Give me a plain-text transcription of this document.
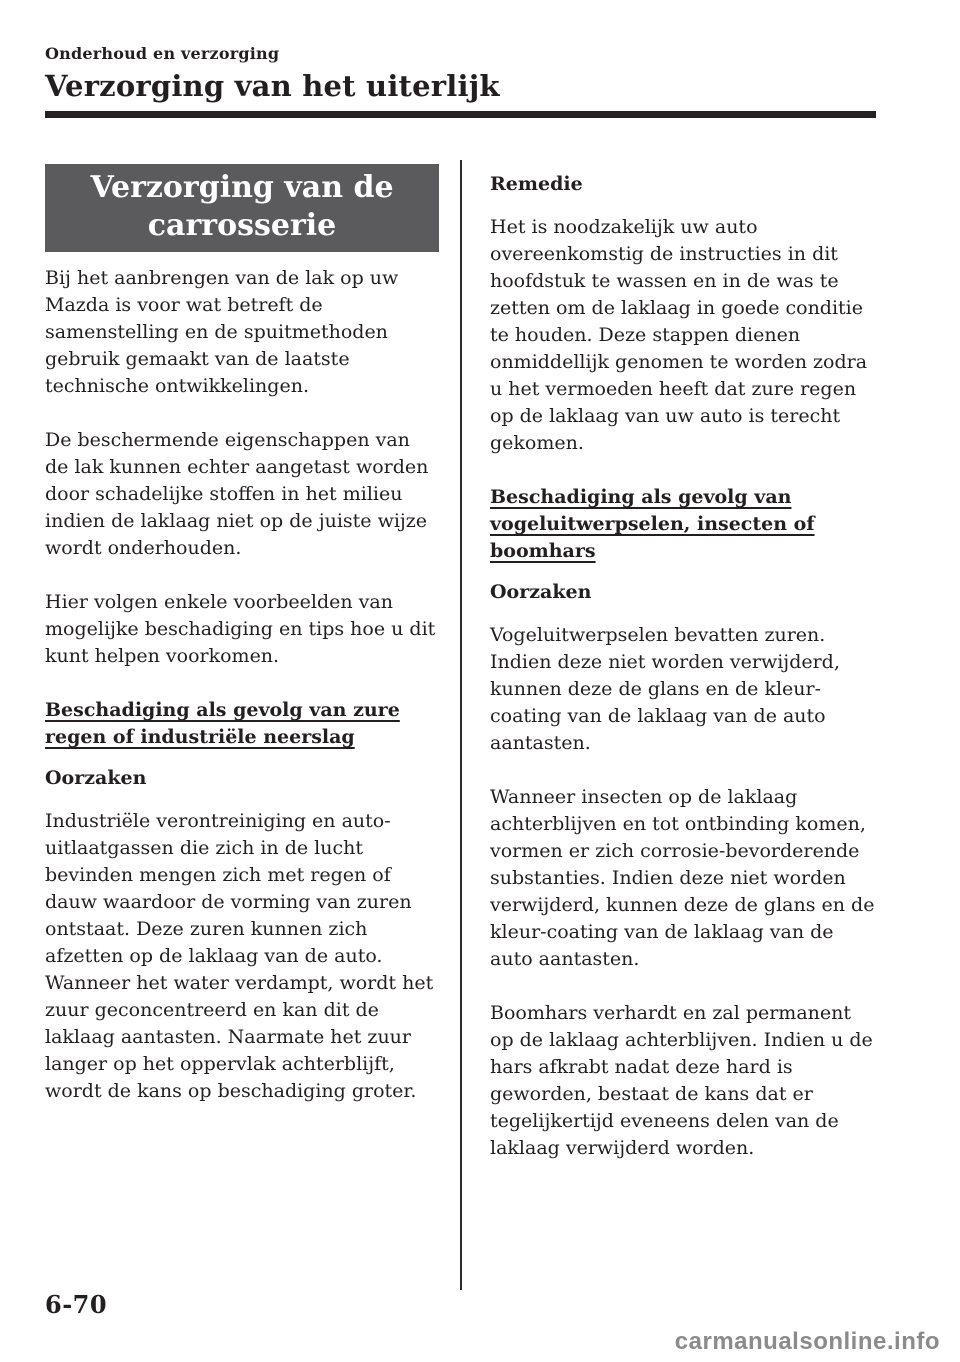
Onderhoud en verzorging
Verzorging van het uiterlijk
Verzorging van de carrosserie

Bij het aanbrengen van de lak op uw Mazda is voor wat betreft de samenstelling en de spuitmethoden gebruik gemaakt van de laatste technische ontwikkelingen.

De beschermende eigenschappen van de lak kunnen echter aangetast worden door schadelijke stoffen in het milieu indien de laklaag niet op de juiste wijze wordt onderhouden.

Hier volgen enkele voorbeelden van mogelijke beschadiging en tips hoe u dit kunt helpen voorkomen.

Beschadiging als gevolg van zure regen of industriële neerslag
Oorzaken

Industriële verontreiniging en auto-uitlaatgassen die zich in de lucht bevinden mengen zich met regen of dauw waardoor de vorming van zuren ontstaat. Deze zuren kunnen zich afzetten op de laklaag van de auto. Wanneer het water verdampt, wordt het zuur geconcentreerd en kan dit de laklaag aantasten. Naarmate het zuur langer op het oppervlak achterblijft, wordt de kans op beschadiging groter.

Remedie

Het is noodzakelijk uw auto overeenkomstig de instructies in dit hoofdstuk te wassen en in de was te zetten om de laklaag in goede conditie te houden. Deze stappen dienen onmiddellijk genomen te worden zodra u het vermoeden heeft dat zure regen op de laklaag van uw auto is terecht gekomen.

Beschadiging als gevolg van vogeluitwerpselen, insecten of boomhars
Oorzaken

Vogeluitwerpselen bevatten zuren. Indien deze niet worden verwijderd, kunnen deze de glans en de kleur-coating van de laklaag van de auto aantasten.

Wanneer insecten op de laklaag achterblijven en tot ontbinding komen, vormen er zich corrosie-bevorderende substanties. Indien deze niet worden verwijderd, kunnen deze de glans en de kleur-coating van de laklaag van de auto aantasten.

Boomhars verhardt en zal permanent op de laklaag achterblijven. Indien u de hars afkrabt nadat deze hard is geworden, bestaat de kans dat er tegelijkertijd eveneens delen van de laklaag verwijderd worden.

6-70
carmanualsonline.info
